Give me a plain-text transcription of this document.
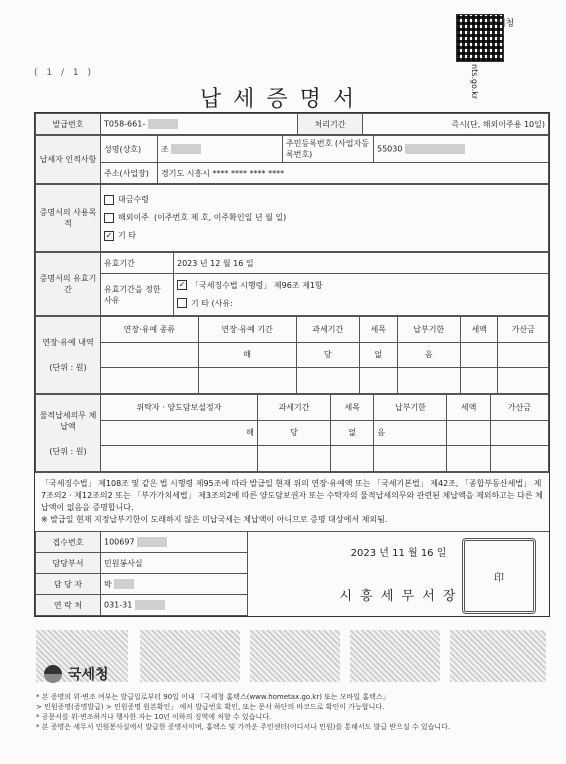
국세청
nts.go.kr
( 1 / 1 )
납세증명서
발급번호	T058-661-	처리기간	즉시(단, 해외이주용 10일)
납세자 인적사항	성명(상호)	조	주민등록번호 (사업자등록번호)	55030
	주소(사업장)	경기도 시흥시 **** **** **** ****		
증명서의 사용목적	
대금수령
해외이주 (이주번호 제 호, 이주확인일 년 월 일)
✓ 기 타
증명서의 유효기간	유효기간	2023 년 12 월 16 일
	유효기간을 정한 사유	✓ 「국세징수법 시행령」 제96조 제1항
기 타 (사유:
연장·유예 내역
(단위 : 원)	연장·유예 종류	연장·유예 기간	과세기간	세목	납부기한	세액	가산금
		해	당	없	음		

물적납세의무 체납액
(단위 : 원)	위탁자 · 양도담보설정자	과세기간	세목	납부기한	세액	가산금
	해	당	없	음		

「국세징수법」 제108조 및 같은 법 시행령 제95조에 따라 발급일 현재 위의 연장·유예액 또는 「국세기본법」 제42조, 「종합부동산세법」 제7조의2 · 제12조의2 또는 「부가가치세법」 제3조의2에 따른 양도담보권자 또는 수탁자의 물적납세의무와 관련된 체납액을 제외하고는 다른 체납액이 없음을 증명합니다.
※ 발급일 현재 지정납부기한이 도래하지 않은 미납국세는 체납액이 아니므로 증명 대상에서 제외됨.
접수번호	100697	2023 년 11 월 16 일
시 흥 세 무 서 장

담당부서	민원봉사실	
담 당 자	박	
연 락 처	031-31	
印
국세청
* 본 증명의 위·변조 여부는 발급일로부터 90일 이내 「국세청 홈택스(www.hometax.go.kr) 또는 모바일 홈택스」
> 민원증명(증명발급) > 민원증명 원본확인」 에서 발급번호 확인, 또는 문서 하단의 바코드로 확인이 가능합니다.
* 공문서를 위·변조하거나 행사한 자는 10년 이하의 징역에 처할 수 있습니다.
* 본 증명은 세무서 민원봉사실에서 발급한 증명서이며, 홈택스 및 가까운 주민센터(어디서나 민원)를 통해서도 발급 받으실 수 있습니다.
